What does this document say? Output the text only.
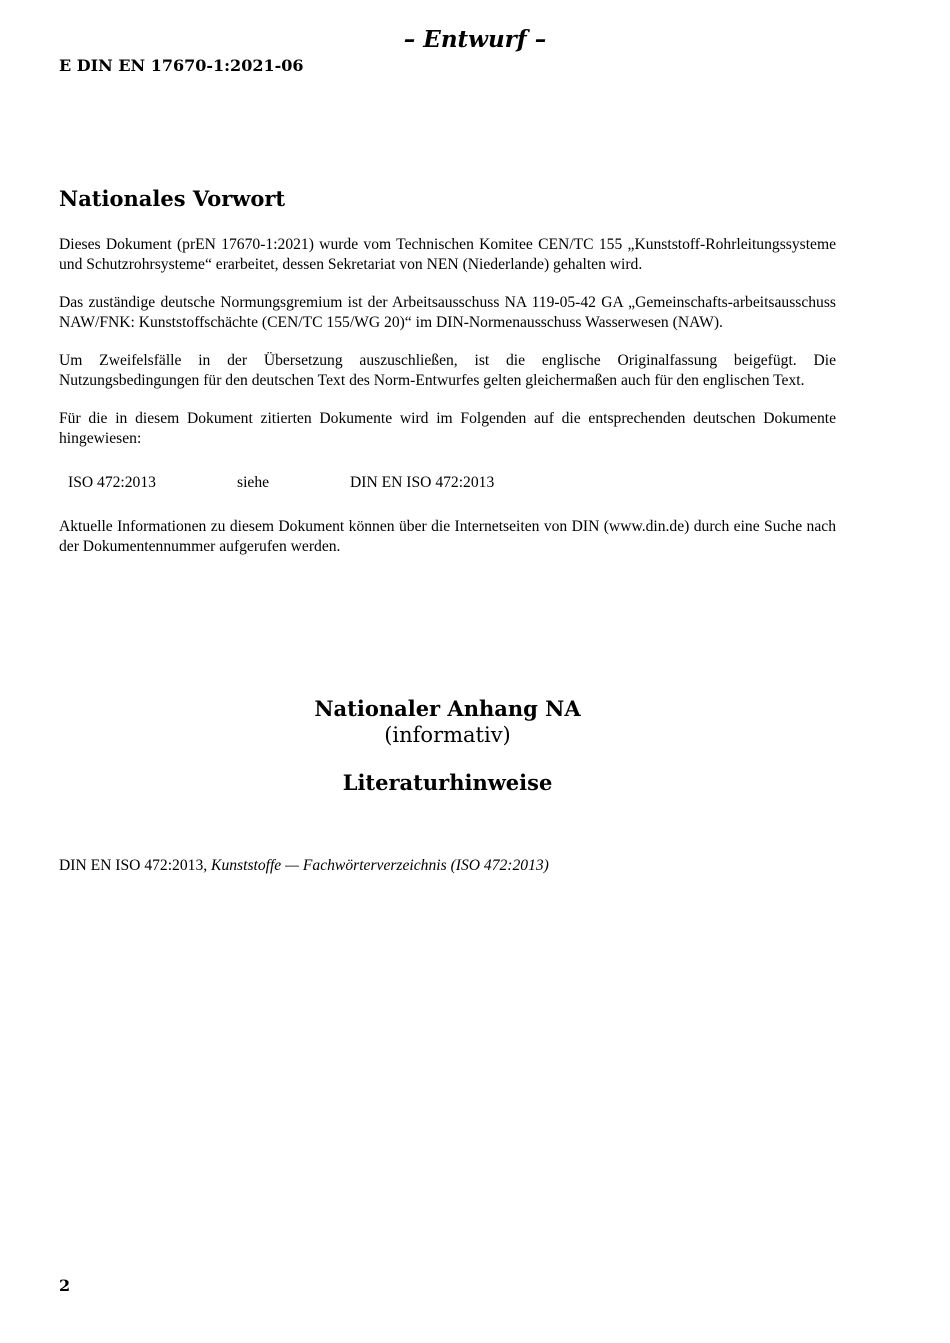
– Entwurf –
E DIN EN 17670-1:2021-06
Nationales Vorwort

Dieses Dokument (prEN 17670-1:2021) wurde vom Technischen Komitee CEN/TC 155 „Kunststoff-Rohrleitungssysteme und Schutzrohrsysteme“ erarbeitet, dessen Sekretariat von NEN (Niederlande) gehalten wird.

Das zuständige deutsche Normungsgremium ist der Arbeitsausschuss NA 119-05-42 GA „Gemeinschafts-arbeitsausschuss NAW/FNK: Kunststoffschächte (CEN/TC 155/WG 20)“ im DIN-Normenausschuss Wasserwesen (NAW).

Um Zweifelsfälle in der Übersetzung auszuschließen, ist die englische Originalfassung beigefügt. Die Nutzungsbedingungen für den deutschen Text des Norm-Entwurfes gelten gleichermaßen auch für den englischen Text.

Für die in diesem Dokument zitierten Dokumente wird im Folgenden auf die entsprechenden deutschen Dokumente hingewiesen:

ISO 472:2013	siehe	DIN EN ISO 472:2013

Aktuelle Informationen zu diesem Dokument können über die Internetseiten von DIN (www.din.de) durch eine Suche nach der Dokumentennummer aufgerufen werden.

Nationaler Anhang NA
(informativ)
Literaturhinweise
DIN EN ISO 472:2013, Kunststoffe — Fachwörterverzeichnis (ISO 472:2013)
2
